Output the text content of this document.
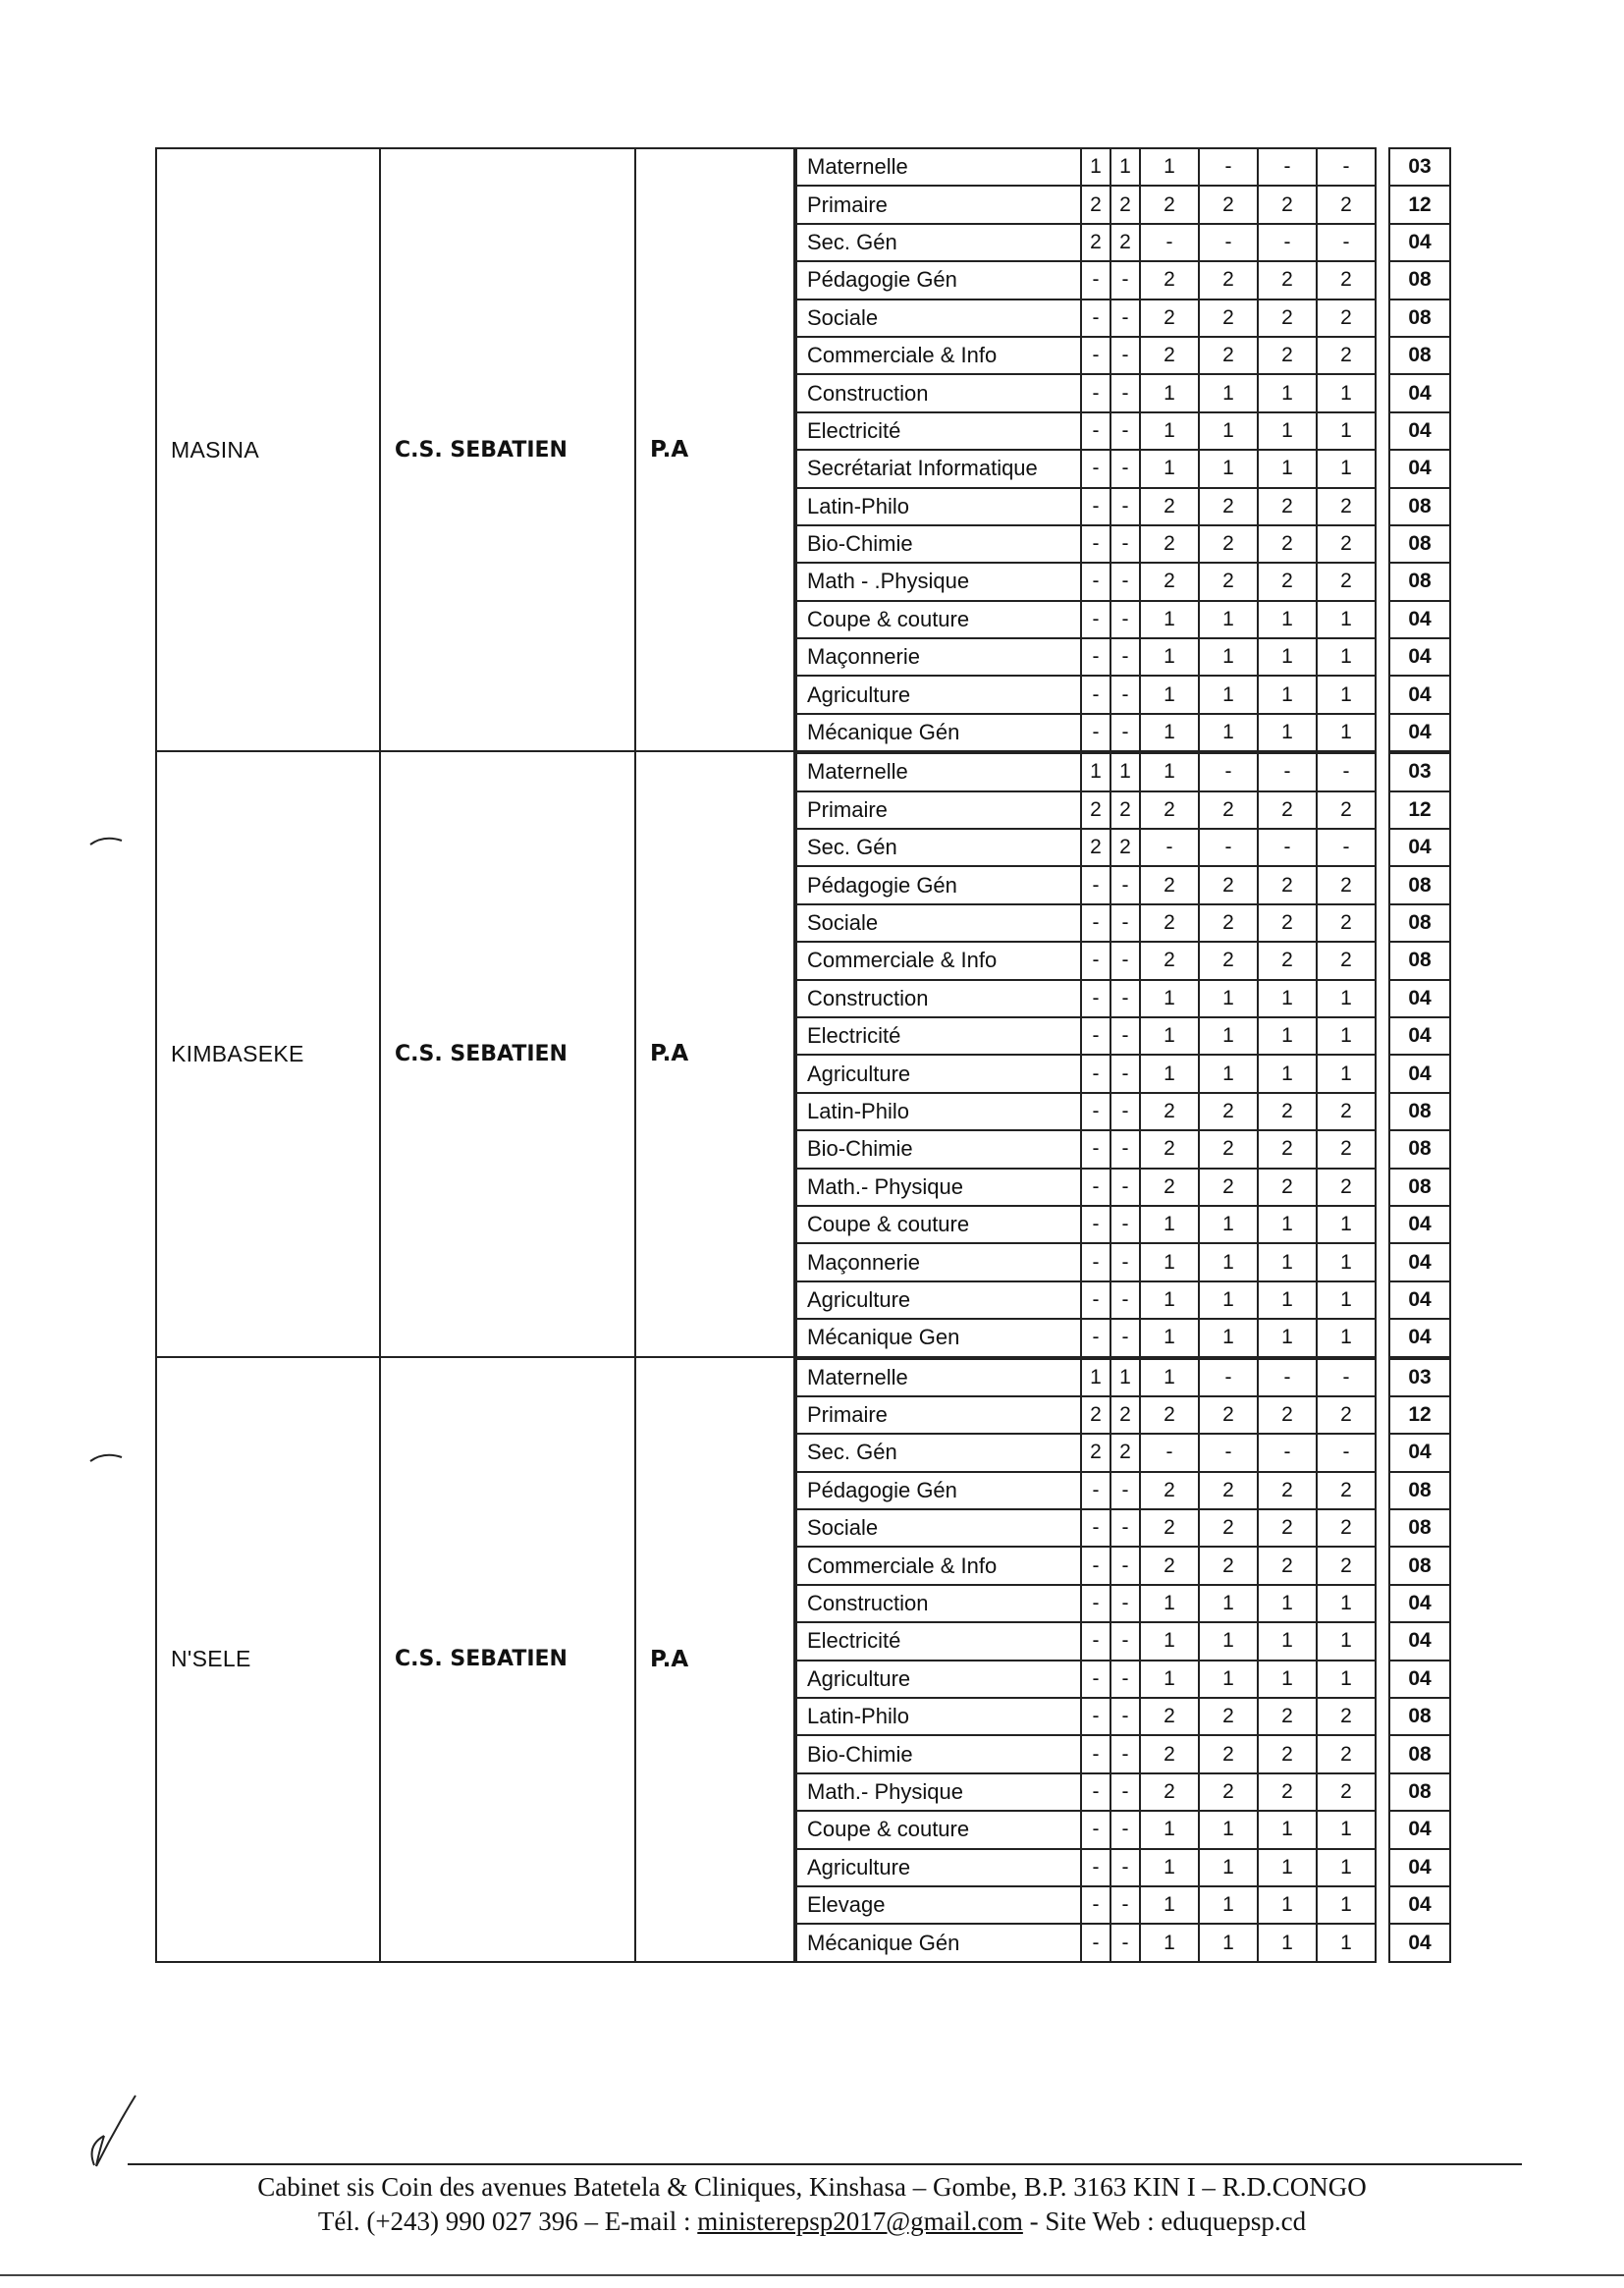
MASINA	C.S. SEBATIEN	P.A
Maternelle	1	1	1	-	-	-		03
Primaire	2	2	2	2	2	2		12
Sec. Gén	2	2	-	-	-	-		04
Pédagogie Gén	-	-	2	2	2	2		08
Sociale	-	-	2	2	2	2		08
Commerciale & Info	-	-	2	2	2	2		08
Construction	-	-	1	1	1	1		04
Electricité	-	-	1	1	1	1		04
Secrétariat Informatique	-	-	1	1	1	1		04
Latin-Philo	-	-	2	2	2	2		08
Bio-Chimie	-	-	2	2	2	2		08
Math - .Physique	-	-	2	2	2	2		08
Coupe & couture	-	-	1	1	1	1		04
Maçonnerie	-	-	1	1	1	1		04
Agriculture	-	-	1	1	1	1		04
Mécanique Gén	-	-	1	1	1	1		04
KIMBASEKE	C.S. SEBATIEN	P.A
Maternelle	1	1	1	-	-	-		03
Primaire	2	2	2	2	2	2		12
Sec. Gén	2	2	-	-	-	-		04
Pédagogie Gén	-	-	2	2	2	2		08
Sociale	-	-	2	2	2	2		08
Commerciale & Info	-	-	2	2	2	2		08
Construction	-	-	1	1	1	1		04
Electricité	-	-	1	1	1	1		04
Agriculture	-	-	1	1	1	1		04
Latin-Philo	-	-	2	2	2	2		08
Bio-Chimie	-	-	2	2	2	2		08
Math.- Physique	-	-	2	2	2	2		08
Coupe & couture	-	-	1	1	1	1		04
Maçonnerie	-	-	1	1	1	1		04
Agriculture	-	-	1	1	1	1		04
Mécanique Gen	-	-	1	1	1	1		04
N'SELE	C.S. SEBATIEN	P.A
Maternelle	1	1	1	-	-	-		03
Primaire	2	2	2	2	2	2		12
Sec. Gén	2	2	-	-	-	-		04
Pédagogie Gén	-	-	2	2	2	2		08
Sociale	-	-	2	2	2	2		08
Commerciale & Info	-	-	2	2	2	2		08
Construction	-	-	1	1	1	1		04
Electricité	-	-	1	1	1	1		04
Agriculture	-	-	1	1	1	1		04
Latin-Philo	-	-	2	2	2	2		08
Bio-Chimie	-	-	2	2	2	2		08
Math.- Physique	-	-	2	2	2	2		08
Coupe & couture	-	-	1	1	1	1		04
Agriculture	-	-	1	1	1	1		04
Elevage	-	-	1	1	1	1		04
Mécanique Gén	-	-	1	1	1	1		04
Cabinet sis Coin des avenues Batetela & Cliniques, Kinshasa – Gombe, B.P. 3163 KIN I – R.D.CONGO
Tél. (+243) 990 027 396 – E-mail : ministerepsp2017@gmail.com - Site Web : eduquepsp.cd
